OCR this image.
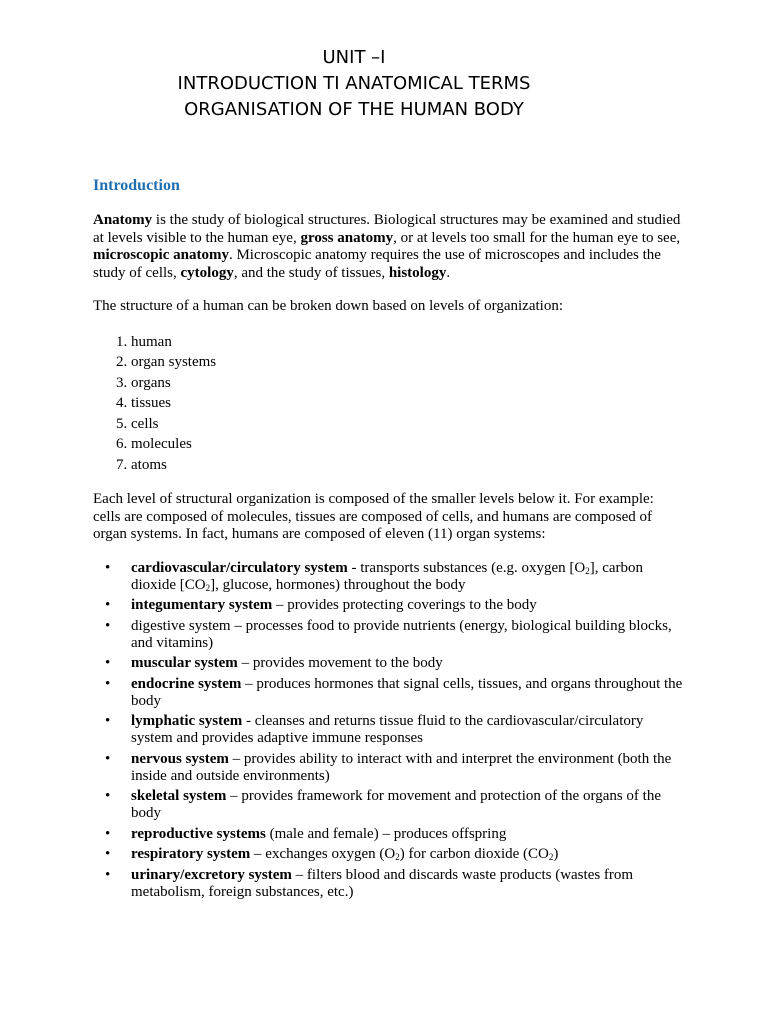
UNIT –I
INTRODUCTION TI ANATOMICAL TERMS
ORGANISATION OF THE HUMAN BODY
Introduction

Anatomy is the study of biological structures. Biological structures may be examined and studied at levels visible to the human eye, gross anatomy, or at levels too small for the human eye to see, microscopic anatomy. Microscopic anatomy requires the use of microscopes and includes the study of cells, cytology, and the study of tissues, histology.

The structure of a human can be broken down based on levels of organization:

1. human
2. organ systems
3. organs
4. tissues
5. cells
6. molecules
7. atoms

Each level of structural organization is composed of the smaller levels below it. For example: cells are composed of molecules, tissues are composed of cells, and humans are composed of organ systems. In fact, humans are composed of eleven (11) organ systems:

• cardiovascular/circulatory system - transports substances (e.g. oxygen $[O_2]$, carbon dioxide $[CO_2]$, glucose, hormones) throughout the body
• integumentary system – provides protecting coverings to the body
• digestive system – processes food to provide nutrients (energy, biological building blocks, and vitamins)
• muscular system – provides movement to the body
• endocrine system – produces hormones that signal cells, tissues, and organs throughout the body
• lymphatic system - cleanses and returns tissue fluid to the cardiovascular/circulatory system and provides adaptive immune responses
• nervous system – provides ability to interact with and interpret the environment (both the inside and outside environments)
• skeletal system – provides framework for movement and protection of the organs of the body
• reproductive systems (male and female) – produces offspring
• respiratory system – exchanges oxygen $(O_2)$ for carbon dioxide $(CO_2)$
• urinary/excretory system – filters blood and discards waste products (wastes from metabolism, foreign substances, etc.)
